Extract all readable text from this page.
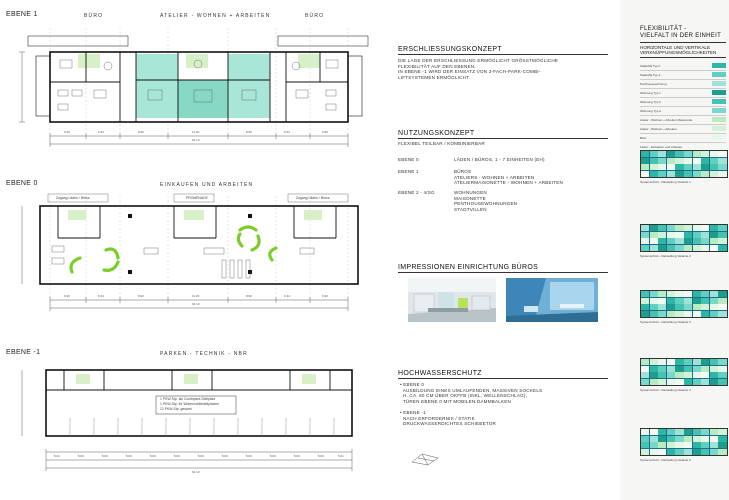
EBENE 1	BÜRO	ATELIER - WOHNEN + ARBEITEN	BÜRO
6.90	6.34	8.90	11.20	8.90	6.34	6.90
62.10
EBENE 0	EINKAUFEN UND ARBEITEN
Zugang Läden / Büros	PROMENADE	Zugang Läden / Büros
6.90	6.34	8.90	11.20	8.90	6.34	6.90
62.10
EBENE -1	PARKEN - TECHNIK - NBR
1 PKW-Stp. als Combipark-Stellplatz
1 PKW-Stp. für Wohnmobilsstellplatzen
12 PKW-Stp. gesamt
5.01	5.00	5.00	5.00	5.00	5.00	5.00	5.00	5.00	5.00	5.00	5.00	5.01
62.10
ERSCHLIESSUNGSKONZEPT
DIE LAGE DER ERSCHLIESSUNG ERMÖGLICHT GRÖSSTMÖGLICHE
FLEXIBILITÄT AUF DEN EBENEN.
IN EBENE -1 WIRD DER EINSATZ VON 3-FACH-PARK-COMBI-
LIFTSYSTEMEN ERMÖGLICHT.
NUTZUNGSKONZEPT
FLEXIBEL TEILBAR / KOMBINIERBAR
EBENE 0	LÄDEN / BÜROS, 1 - 7 EINHEITEN (EH)
EBENE 1	BÜROS
ATELIERS - WOHNEN + ARBEITEN
ATELIERMAISONETTE - WOHNEN + ARBEITEN
EBENE 2 - 4/SG	WOHNUNGEN
MAISONETTE
PENTHOUSEWOHNUNGEN
STADTVILLEN
IMPRESSIONEN EINRICHTUNG BÜROS
HOCHWASSERSCHUTZ
• EBENE 0
AUSBILDUNG EINES UMLAUFENDEN, MASSIVEN SOCKELS
H. CA. 60 CM ÜBER OKFFB (INKL. WELLENSCHLAG),
TÜREN EBENE 0 MIT MOBILEN DAMMBALKEN

• EBENE -1
NACH ERFORDERNIS / STATIK
DRUCKWASSERDICHTES SCHIEBETOR
FLEXIBILITÄT -
VIELFALT IN DER EINHEIT
HORIZONTALE UND VERTIKALE
VERKNÜPFUNGSMÖGLICHKEITEN
Stadtvilla Typ b
Stadtvilla Typ a
Penthousewohnung
Wohnung Typ c
Wohnung Typ b
Wohnung Typ a
Atelier - Wohnen + Arbeiten Maisonette
Atelier - Wohnen + Arbeiten
Büro
Laden - Einkaufen und Arbeiten
Systemschnitt - Darstellung Variante 1
Systemschnitt - Darstellung Variante 2
Systemschnitt - Darstellung Variante 3
Systemschnitt - Darstellung Variante 4
Systemschnitt - Darstellung Variante 5
